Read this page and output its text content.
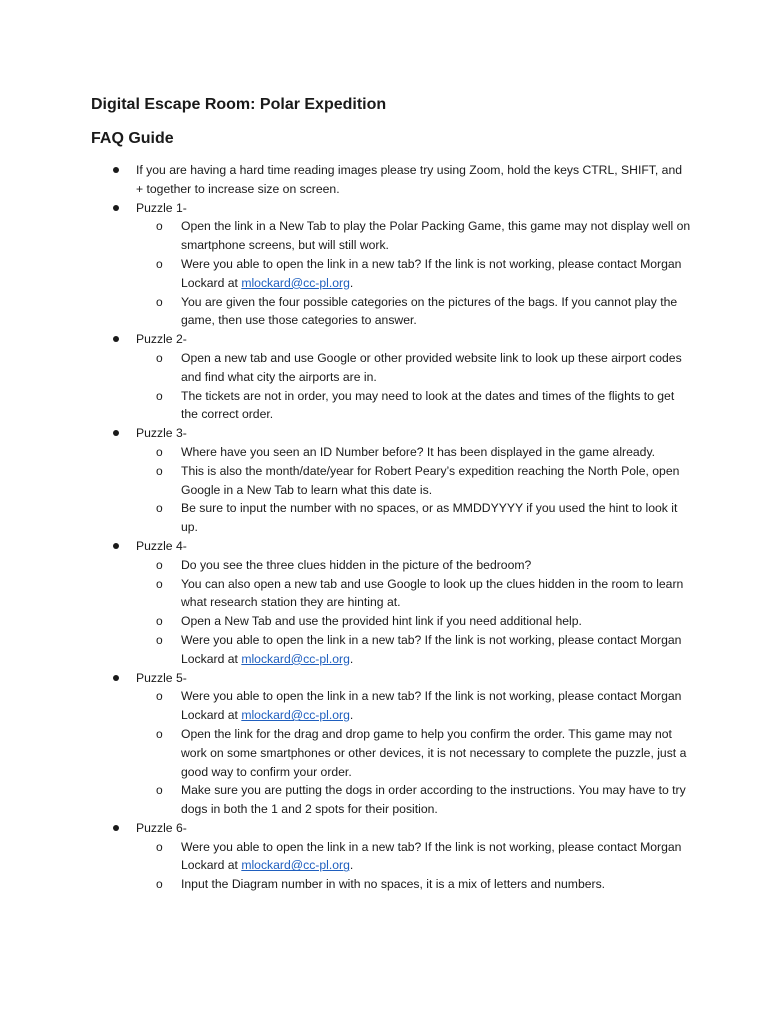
Digital Escape Room: Polar Expedition
FAQ Guide
If you are having a hard time reading images please try using Zoom, hold the keys CTRL, SHIFT, and + together to increase size on screen.
Puzzle 1-
o Open the link in a New Tab to play the Polar Packing Game, this game may not display well on smartphone screens, but will still work.
o Were you able to open the link in a new tab? If the link is not working, please contact Morgan Lockard at mlockard@cc-pl.org.
o You are given the four possible categories on the pictures of the bags. If you cannot play the game, then use those categories to answer.
Puzzle 2-
o Open a new tab and use Google or other provided website link to look up these airport codes and find what city the airports are in.
o The tickets are not in order, you may need to look at the dates and times of the flights to get the correct order.
Puzzle 3-
o Where have you seen an ID Number before? It has been displayed in the game already.
o This is also the month/date/year for Robert Peary’s expedition reaching the North Pole, open Google in a New Tab to learn what this date is.
o Be sure to input the number with no spaces, or as MMDDYYYY if you used the hint to look it up.
Puzzle 4-
o Do you see the three clues hidden in the picture of the bedroom?
o You can also open a new tab and use Google to look up the clues hidden in the room to learn what research station they are hinting at.
o Open a New Tab and use the provided hint link if you need additional help.
o Were you able to open the link in a new tab? If the link is not working, please contact Morgan Lockard at mlockard@cc-pl.org.
Puzzle 5-
o Were you able to open the link in a new tab? If the link is not working, please contact Morgan Lockard at mlockard@cc-pl.org.
o Open the link for the drag and drop game to help you confirm the order. This game may not work on some smartphones or other devices, it is not necessary to complete the puzzle, just a good way to confirm your order.
o Make sure you are putting the dogs in order according to the instructions. You may have to try dogs in both the 1 and 2 spots for their position.
Puzzle 6-
o Were you able to open the link in a new tab? If the link is not working, please contact Morgan Lockard at mlockard@cc-pl.org.
o Input the Diagram number in with no spaces, it is a mix of letters and numbers.
